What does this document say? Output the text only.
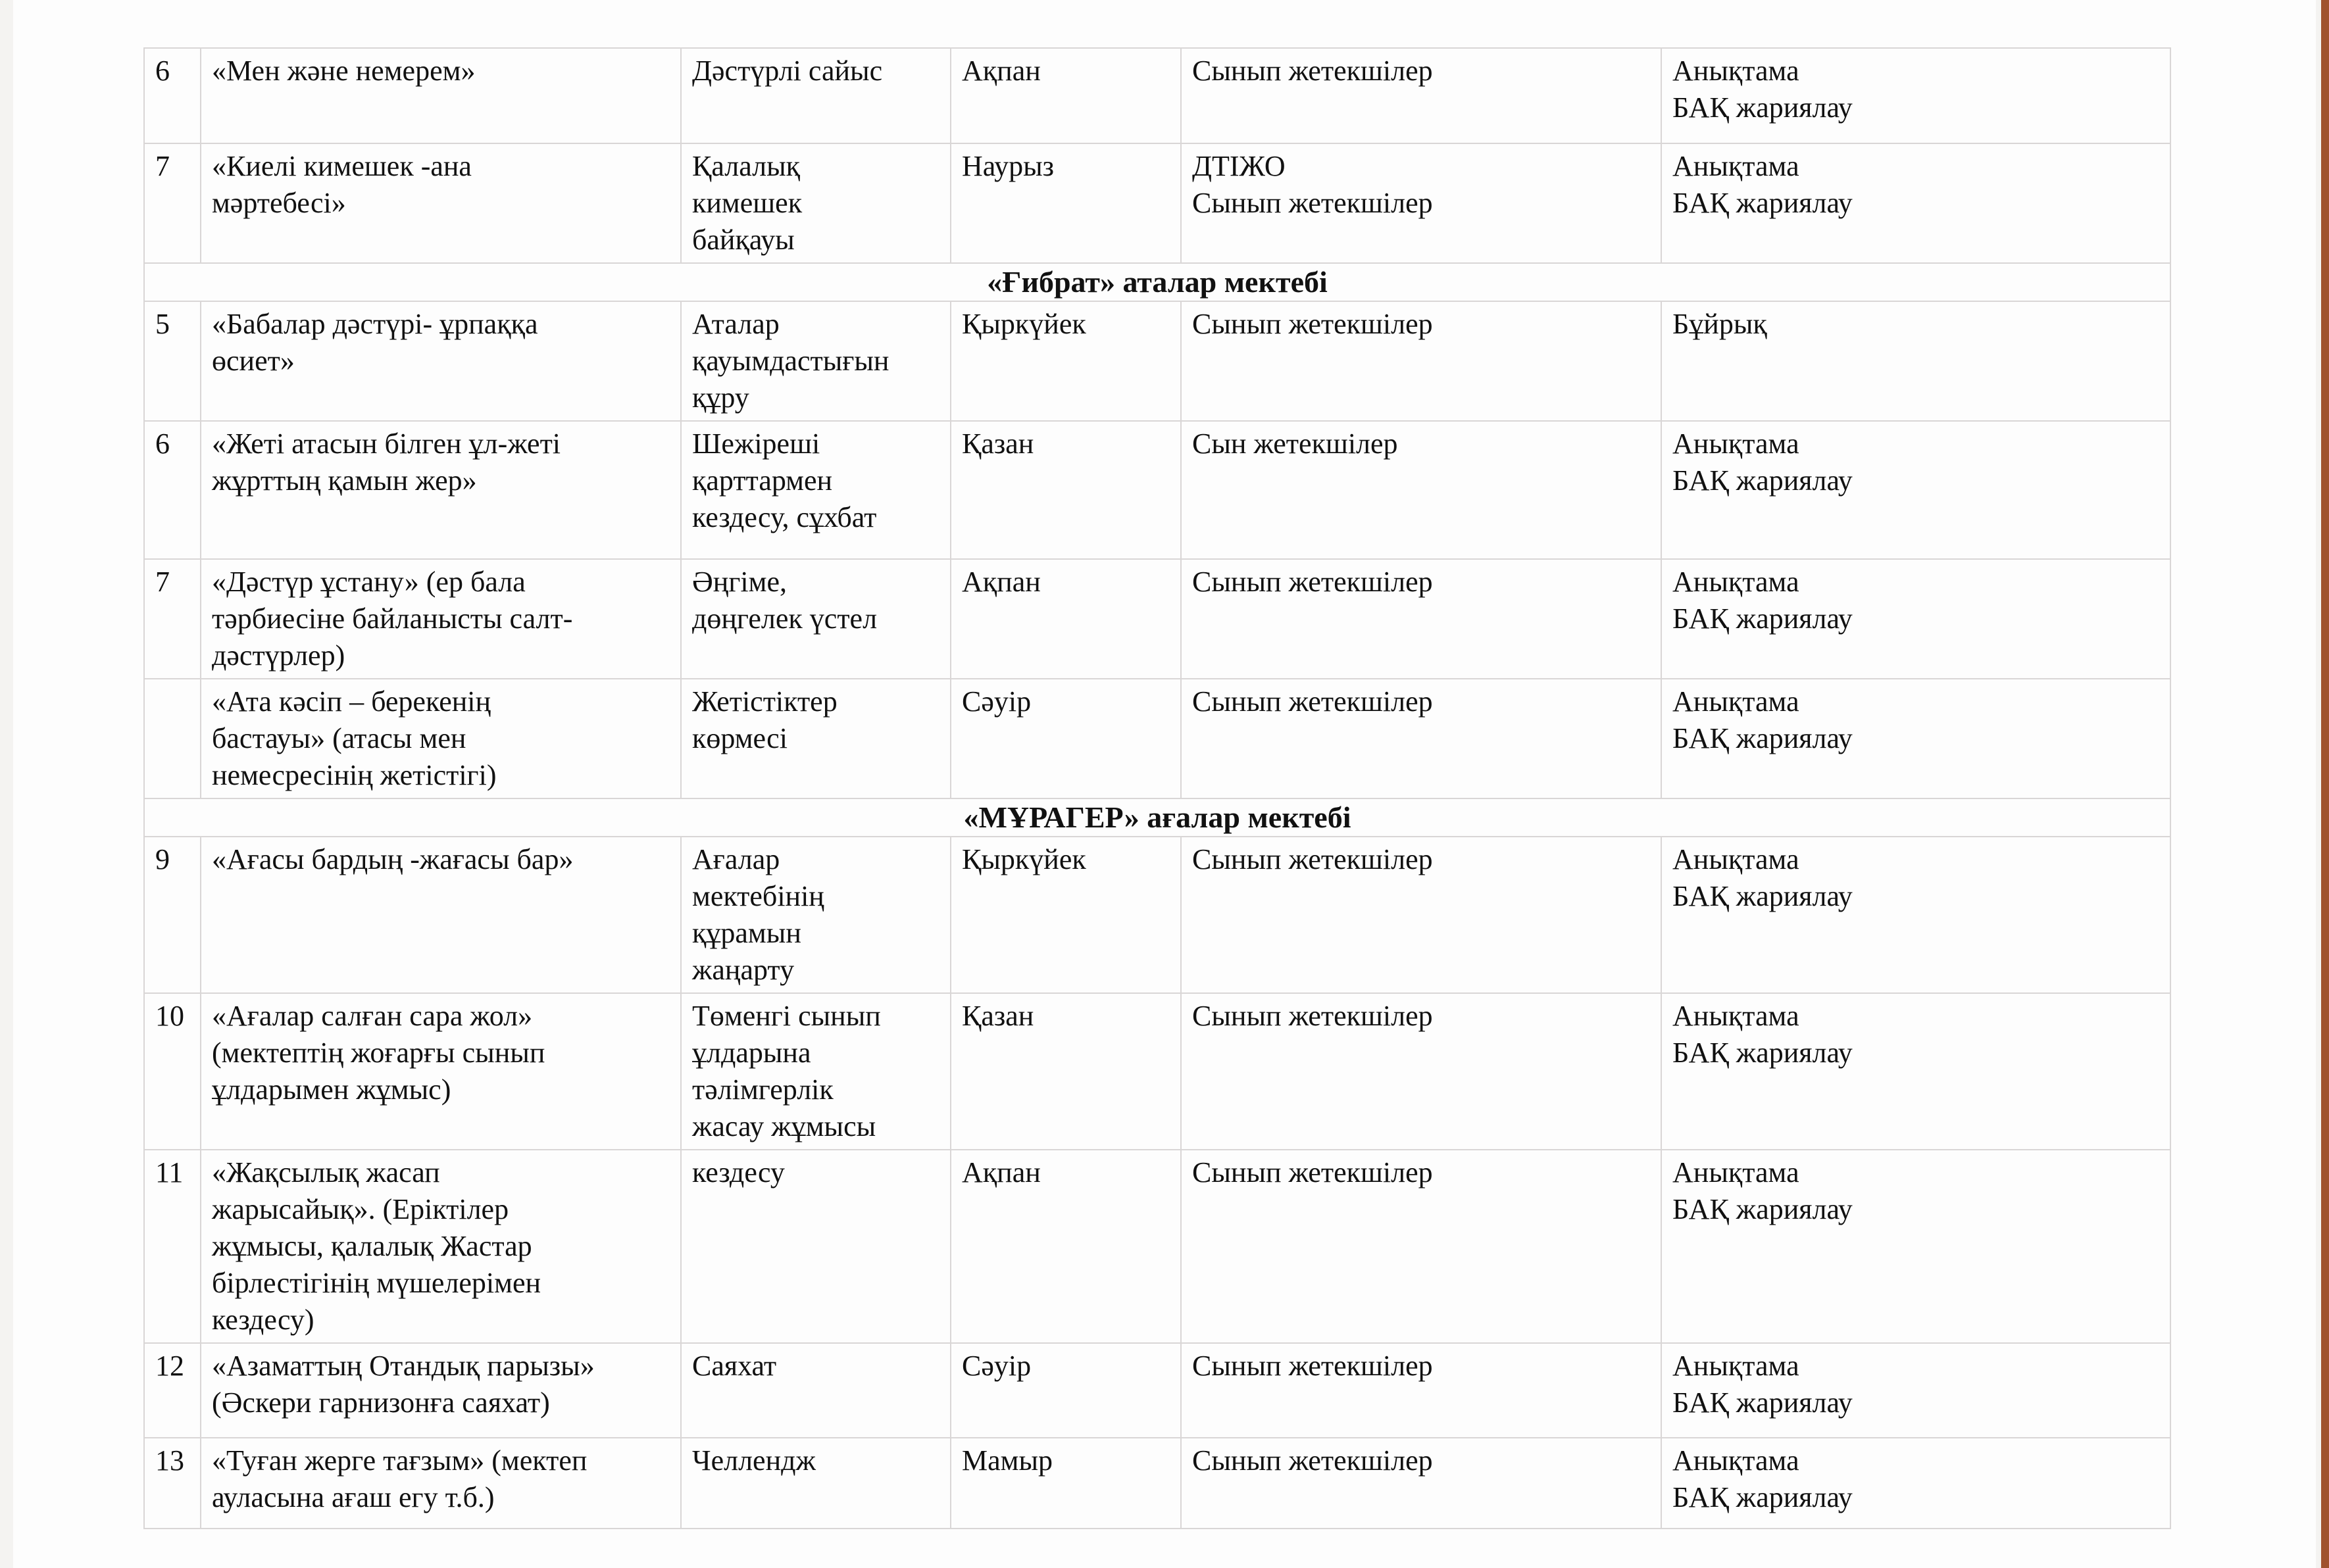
6	«Мен және немерем»	Дәстүрлі сайыс	Ақпан	Сынып жетекшілер	Анықтама
БАҚ жариялау

7	«Киелі кимешек -ана
мәртебесі»	Қалалық
кимешек
байқауы	Наурыз	ДТІЖО
Сынып жетекшілер	Анықтама
БАҚ жариялау

«Ғибрат» аталар мектебі					
5	«Бабалар дәстүрі- ұрпаққа
өсиет»	Аталар
қауымдастығын
құру	Қыркүйек	Сынып жетекшілер	Бұйрық

6	«Жеті атасын білген ұл-жеті
жұрттың қамын жер»	Шежіреші
қарттармен
кездесу, сұхбат	Қазан	Сын жетекшілер	Анықтама
БАҚ жариялау

7	«Дәстүр ұстану» (ер бала
тәрбиесіне байланысты салт-
дәстүрлер)	Әңгіме,
дөңгелек үстел	Ақпан	Сынып жетекшілер	Анықтама
БАҚ жариялау

	«Ата кәсіп – берекенің
бастауы» (атасы мен
немесресінің жетістігі)	Жетістіктер
көрмесі	Сәуір	Сынып жетекшілер	Анықтама
БАҚ жариялау

«МҰРАГЕР» ағалар мектебі					
9	«Ағасы бардың -жағасы бар»	Ағалар
мектебінің
құрамын
жаңарту	Қыркүйек	Сынып жетекшілер	Анықтама
БАҚ жариялау

10	«Ағалар салған сара жол»
(мектептің жоғарғы сынып
ұлдарымен жұмыс)	Төменгі сынып
ұлдарына
тәлімгерлік
жасау жұмысы	Қазан	Сынып жетекшілер	Анықтама
БАҚ жариялау

11	«Жақсылық жасап
жарысайық». (Еріктілер
жұмысы, қалалық Жастар
бірлестігінің мүшелерімен
кездесу)	кездесу	Ақпан	Сынып жетекшілер	Анықтама
БАҚ жариялау

12	«Азаматтың Отандық парызы»
(Әскери гарнизонға саяхат)	Саяхат	Сәуір	Сынып жетекшілер	Анықтама
БАҚ жариялау

13	«Туған жерге тағзым» (мектеп
ауласына ағаш егу т.б.)	Челлендж	Мамыр	Сынып жетекшілер	Анықтама
БАҚ жариялау
